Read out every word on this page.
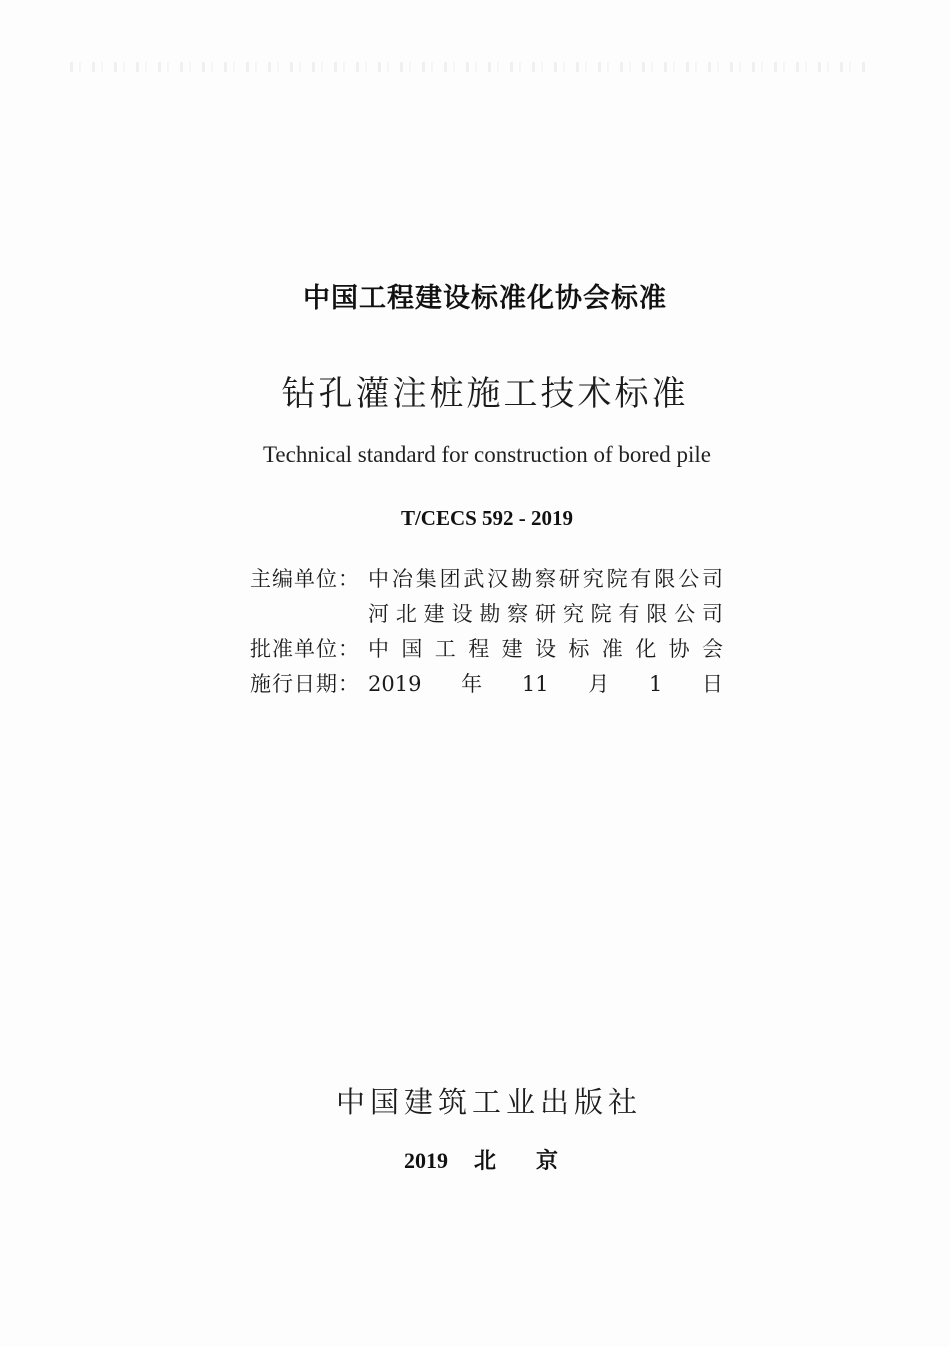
中国工程建设标准化协会标准
钻孔灌注桩施工技术标准
Technical standard for construction of bored pile
T/CECS 592 - 2019
主编单位： 中冶集团武汉勘察研究院有限公司
河北建设勘察研究院有限公司
批准单位： 中国工程建设标准化协会
施行日期： 2019年11月1日
中国建筑工业出版社
2019 北京
